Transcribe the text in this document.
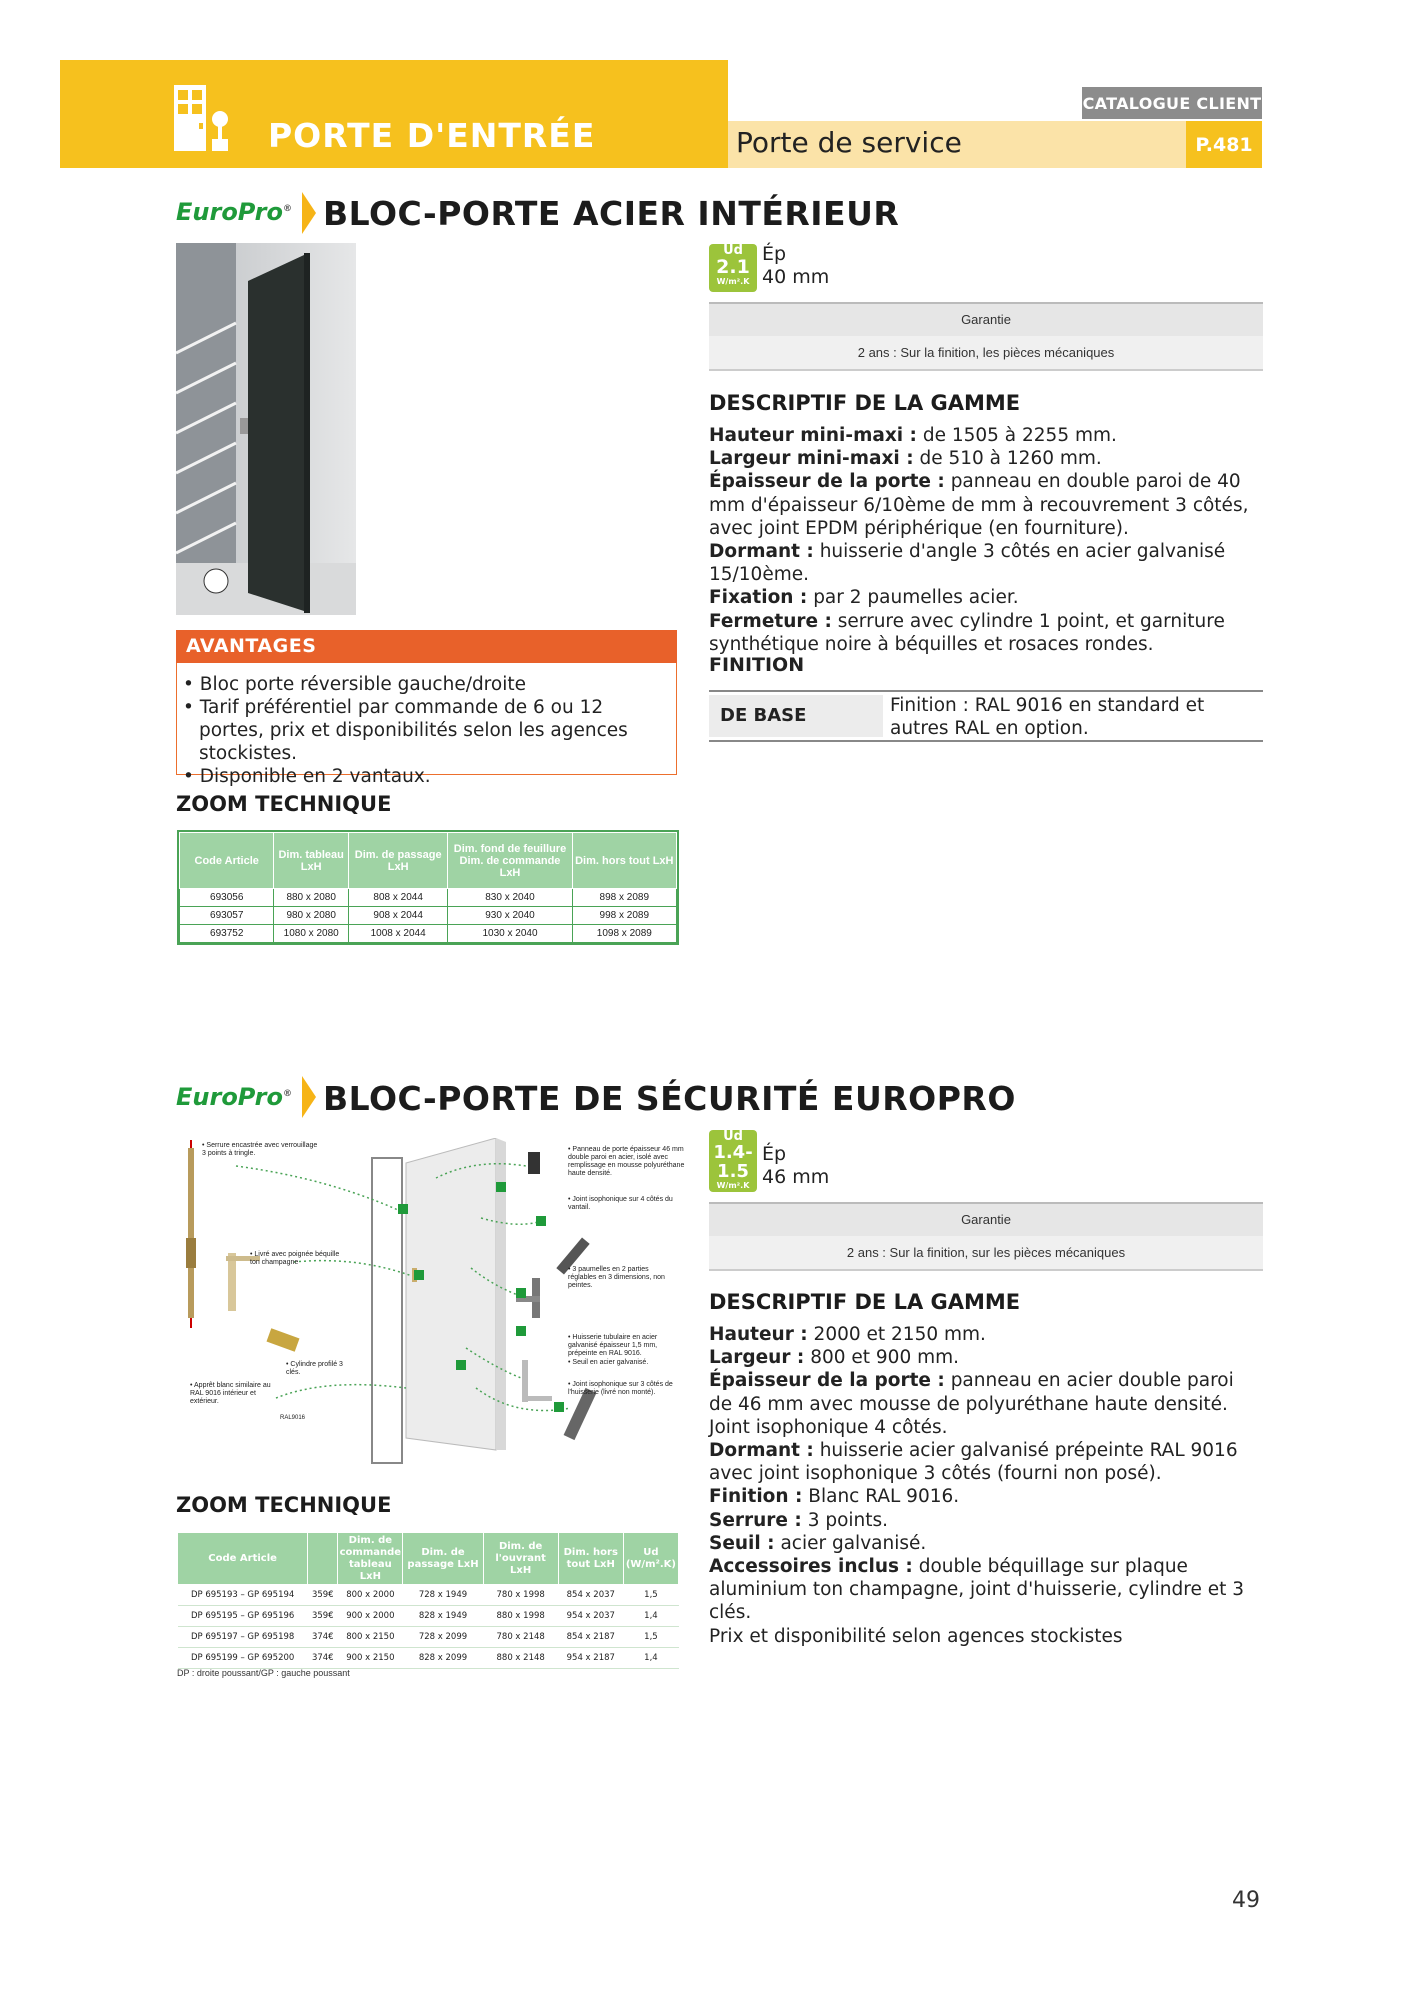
PORTE D'ENTRÉE	Porte de service
CATALOGUE CLIENT
P.481
EuroPro® BLOC-PORTE ACIER INTÉRIEUR
Ud
2.1
W/m².K
Ép
40 mm
Garantie
2 ans : Sur la finition, les pièces mécaniques
DESCRIPTIF DE LA GAMME

Hauteur mini-maxi : de 1505 à 2255 mm.

Largeur mini-maxi : de 510 à 1260 mm.

Épaisseur de la porte : panneau en double paroi de 40 mm d'épaisseur 6/10ème de mm à recouvrement 3 côtés, avec joint EPDM périphérique (en fourniture).

Dormant : huisserie d'angle 3 côtés en acier galvanisé 15/10ème.

Fixation : par 2 paumelles acier.

Fermeture : serrure avec cylindre 1 point, et garniture synthétique noire à béquilles et rosaces rondes.

FINITION
DE BASE	Finition : RAL 9016 en standard et autres RAL en option.
AVANTAGES
• Bloc porte réversible gauche/droite
• Tarif préférentiel par commande de 6 ou 12 portes, prix et disponibilités selon les agences stockistes.
• Disponible en 2 vantaux.
ZOOM TECHNIQUE
Code Article	Dim. tableau LxH	Dim. de passage LxH	Dim. fond de feuillure Dim. de commande LxH	Dim. hors tout LxH
693056	880 x 2080	808 x 2044	830 x 2040	898 x 2089
693057	980 x 2080	908 x 2044	930 x 2040	998 x 2089
693752	1080 x 2080	1008 x 2044	1030 x 2040	1098 x 2089
EuroPro® BLOC-PORTE DE SÉCURITÉ EUROPRO
• Serrure encastrée avec verrouillage 3 points à tringle.
• Livré avec poignée béquille ton champagne
• Cylindre profilé 3 clés.
• Apprêt blanc similaire au RAL 9016 intérieur et extérieur.
RAL9016
• Panneau de porte épaisseur 46 mm double paroi en acier, isolé avec remplissage en mousse polyuréthane haute densité.
• Joint isophonique sur 4 côtés du vantail.
• 3 paumelles en 2 parties réglables en 3 dimensions, non peintes.
• Huisserie tubulaire en acier galvanisé épaisseur 1,5 mm, prépeinte en RAL 9016.
• Seuil en acier galvanisé.
• Joint isophonique sur 3 côtés de l'huisserie (livré non monté).
Ud
1.4-
1.5
W/m².K
Ép
46 mm
Garantie
2 ans : Sur la finition, sur les pièces mécaniques
DESCRIPTIF DE LA GAMME

Hauteur : 2000 et 2150 mm.

Largeur : 800 et 900 mm.

Épaisseur de la porte : panneau en acier double paroi de 46 mm avec mousse de polyuréthane haute densité. Joint isophonique 4 côtés.

Dormant : huisserie acier galvanisé prépeinte RAL 9016 avec joint isophonique 3 côtés (fourni non posé).

Finition : Blanc RAL 9016.

Serrure : 3 points.

Seuil : acier galvanisé.

Accessoires inclus : double béquillage sur plaque aluminium ton champagne, joint d'huisserie, cylindre et 3 clés.

Prix et disponibilité selon agences stockistes

ZOOM TECHNIQUE
Code Article		Dim. de commande tableau LxH	Dim. de passage LxH	Dim. de l'ouvrant LxH	Dim. hors tout LxH	Ud (W/m².K)
DP 695193 – GP 695194	359€	800 x 2000	728 x 1949	780 x 1998	854 x 2037	1,5
DP 695195 – GP 695196	359€	900 x 2000	828 x 1949	880 x 1998	954 x 2037	1,4
DP 695197 – GP 695198	374€	800 x 2150	728 x 2099	780 x 2148	854 x 2187	1,5
DP 695199 – GP 695200	374€	900 x 2150	828 x 2099	880 x 2148	954 x 2187	1,4
DP : droite poussant/GP : gauche poussant
49
